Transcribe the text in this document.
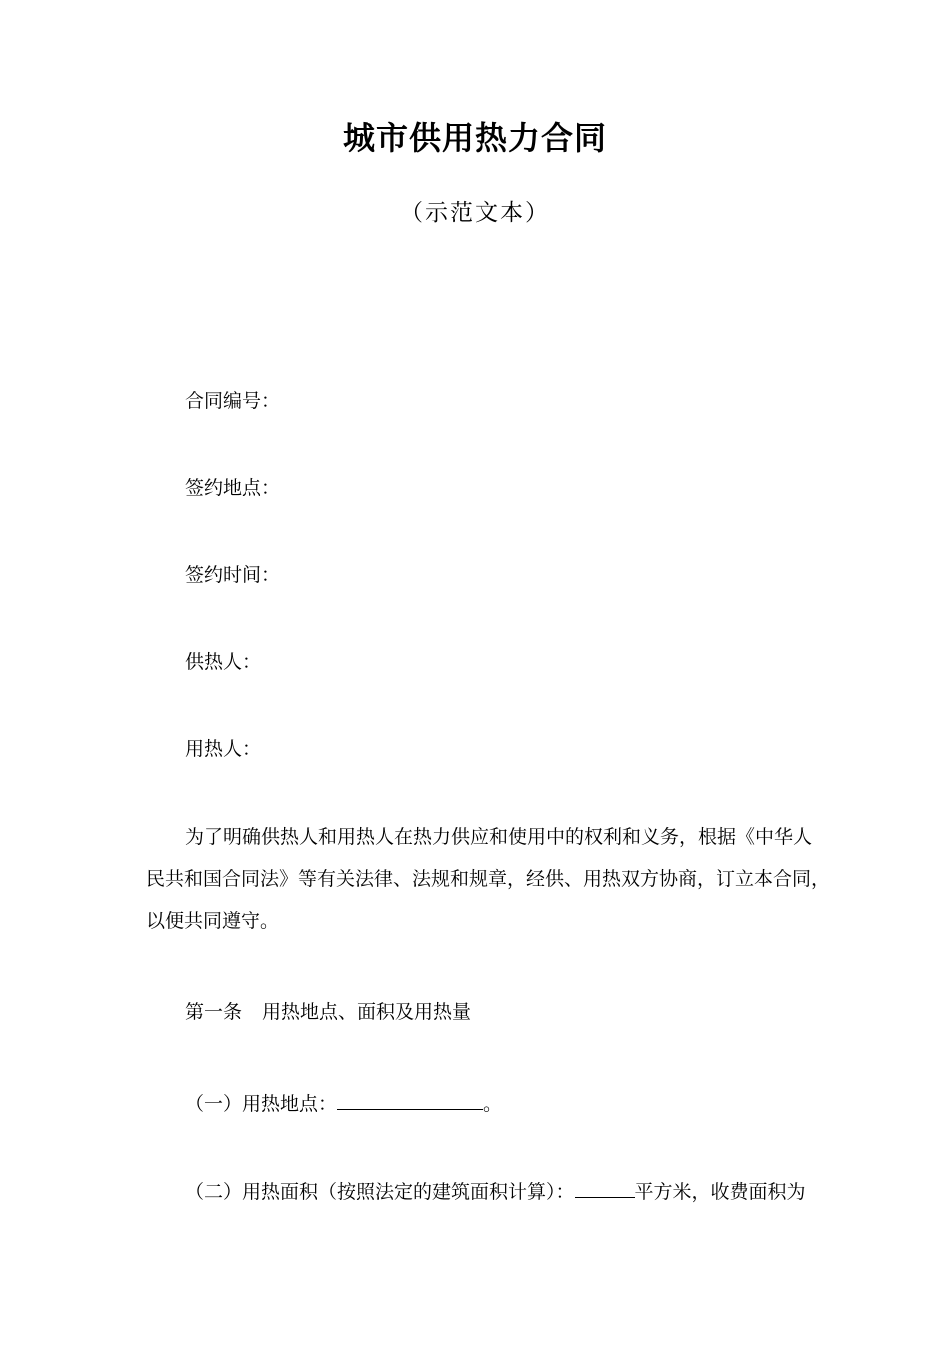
城市供用热力合同
（示范文本）
合同编号：
签约地点：
签约时间：
供热人：
用热人：
为了明确供热人和用热人在热力供应和使用中的权利和义务，根据《中华人
民共和国合同法》等有关法律、法规和规章，经供、用热双方协商，订立本合同，
以便共同遵守。
第一条 用热地点、面积及用热量
（一）用热地点：	。
（二）用热面积（按照法定的建筑面积计算）：	平方米，收费面积为
